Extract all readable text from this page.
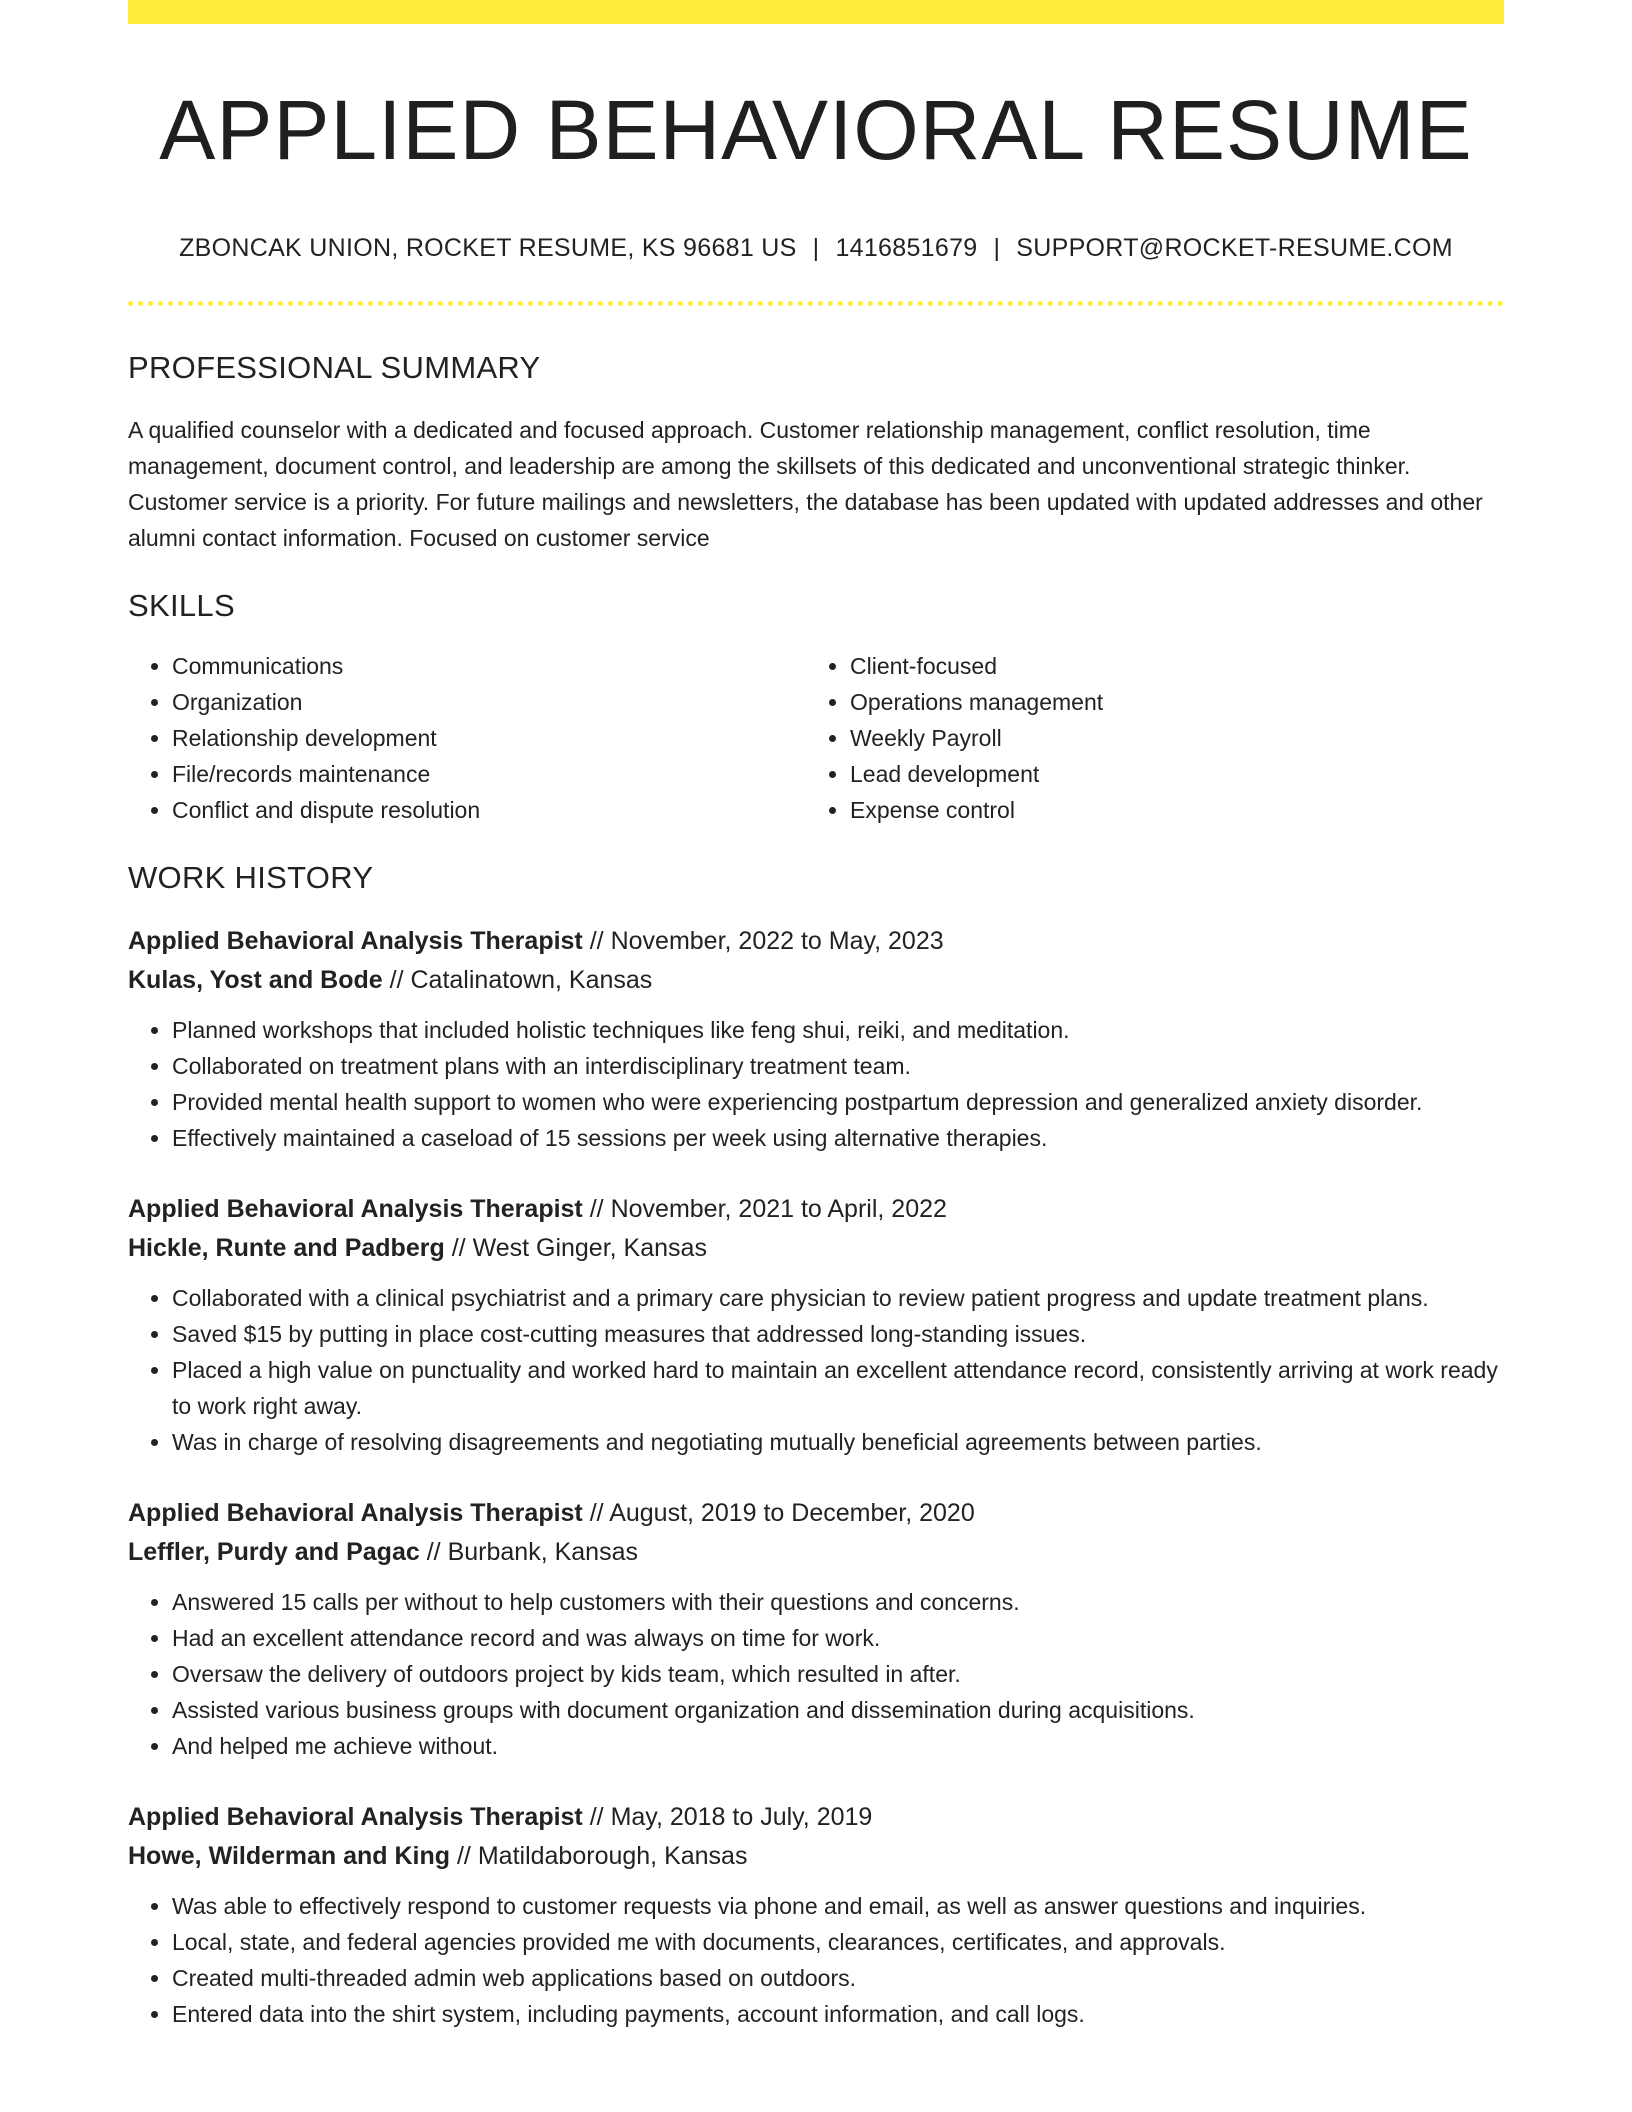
APPLIED BEHAVIORAL RESUME
ZBONCAK UNION, ROCKET RESUME, KS 96681 US | 1416851679 | SUPPORT@ROCKET-RESUME.COM
PROFESSIONAL SUMMARY
A qualified counselor with a dedicated and focused approach. Customer relationship management, conflict resolution, time management, document control, and leadership are among the skillsets of this dedicated and unconventional strategic thinker. Customer service is a priority. For future mailings and newsletters, the database has been updated with updated addresses and other alumni contact information. Focused on customer service
SKILLS
• Communications
• Organization
• Relationship development
• File/records maintenance
• Conflict and dispute resolution
• Client-focused
• Operations management
• Weekly Payroll
• Lead development
• Expense control
WORK HISTORY
Applied Behavioral Analysis Therapist // November, 2022 to May, 2023
Kulas, Yost and Bode // Catalinatown, Kansas
• Planned workshops that included holistic techniques like feng shui, reiki, and meditation.
• Collaborated on treatment plans with an interdisciplinary treatment team.
• Provided mental health support to women who were experiencing postpartum depression and generalized anxiety disorder.
• Effectively maintained a caseload of 15 sessions per week using alternative therapies.
Applied Behavioral Analysis Therapist // November, 2021 to April, 2022
Hickle, Runte and Padberg // West Ginger, Kansas
• Collaborated with a clinical psychiatrist and a primary care physician to review patient progress and update treatment plans.
• Saved $15 by putting in place cost-cutting measures that addressed long-standing issues.
• Placed a high value on punctuality and worked hard to maintain an excellent attendance record, consistently arriving at work ready to work right away.
• Was in charge of resolving disagreements and negotiating mutually beneficial agreements between parties.
Applied Behavioral Analysis Therapist // August, 2019 to December, 2020
Leffler, Purdy and Pagac // Burbank, Kansas
• Answered 15 calls per without to help customers with their questions and concerns.
• Had an excellent attendance record and was always on time for work.
• Oversaw the delivery of outdoors project by kids team, which resulted in after.
• Assisted various business groups with document organization and dissemination during acquisitions.
• And helped me achieve without.
Applied Behavioral Analysis Therapist // May, 2018 to July, 2019
Howe, Wilderman and King // Matildaborough, Kansas
• Was able to effectively respond to customer requests via phone and email, as well as answer questions and inquiries.
• Local, state, and federal agencies provided me with documents, clearances, certificates, and approvals.
• Created multi-threaded admin web applications based on outdoors.
• Entered data into the shirt system, including payments, account information, and call logs.
